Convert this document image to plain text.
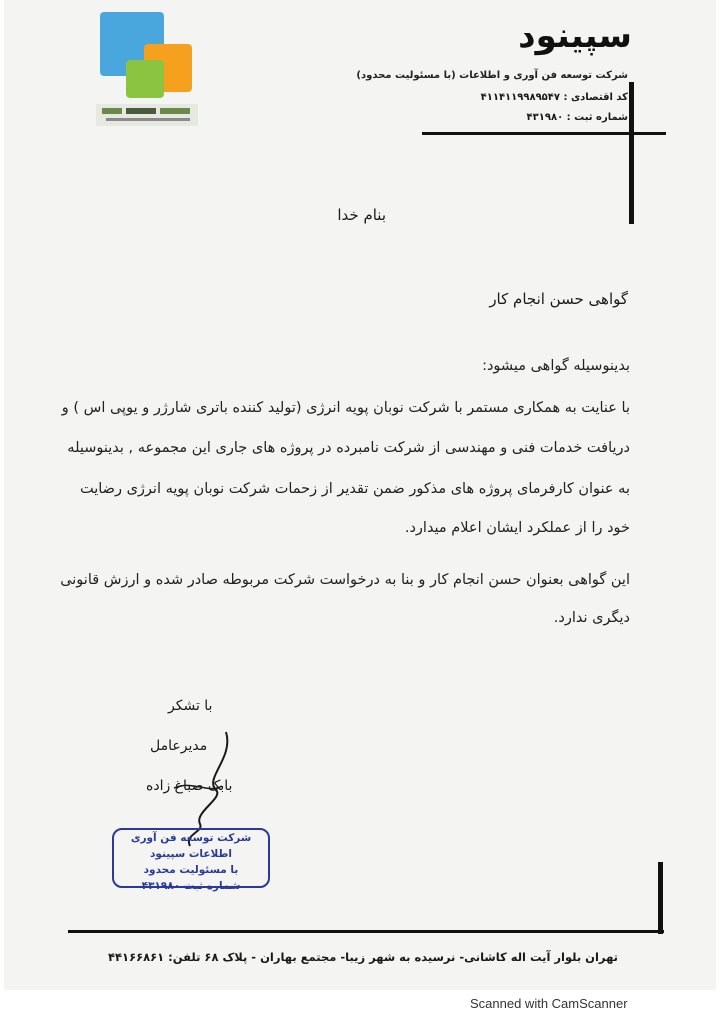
سپینود
شرکت توسعه فن آوری و اطلاعات (با مسئولیت محدود)
کد اقتصادی : ۴۱۱۴۱۱۹۹۸۹۵۴۷
شماره ثبت : ۴۳۱۹۸۰
بنام خدا
گواهی حسن انجام کار
بدینوسیله گواهی میشود:
با عنایت به همکاری مستمر با شرکت نوبان پویه انرژی (تولید کننده باتری شارژر و یوپی اس ) و
دریافت خدمات فنی و مهندسی از شرکت نامبرده در پروژه های جاری این مجموعه , بدینوسیله
به عنوان کارفرمای پروژه های مذکور ضمن تقدیر از زحمات شرکت نوبان پویه انرژی رضایت
خود را از عملکرد ایشان اعلام میدارد.
این گواهی بعنوان حسن انجام کار و بنا به درخواست شرکت مربوطه صادر شده و ارزش قانونی
دیگری ندارد.
با تشکر
مدیرعامل
بابک صباغ زاده
شرکت توسعه فن آوری اطلاعات سپینود
با مسئولیت محدود
شماره ثبت ۴۳۱۹۸۰
تهران بلوار آیت اله کاشانی- نرسیده به شهر زیبا- مجتمع بهاران - پلاک ۶۸ تلفن: ۴۴۱۶۶۸۶۱
Scanned with CamScanner
